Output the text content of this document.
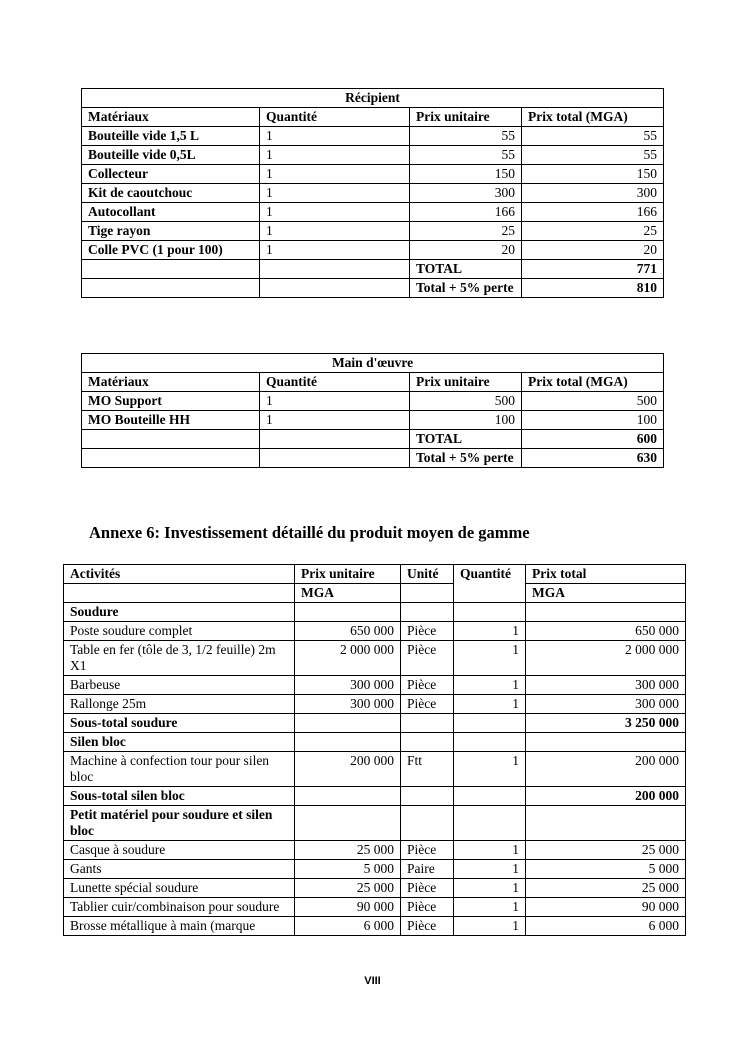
Récipient			
Matériaux	Quantité	Prix unitaire	Prix total (MGA)
Bouteille vide 1,5 L	1	55	55
Bouteille vide 0,5L	1	55	55
Collecteur	1	150	150
Kit de caoutchouc	1	300	300
Autocollant	1	166	166
Tige rayon	1	25	25
Colle PVC (1 pour 100)	1	20	20
		TOTAL	771
		Total + 5% perte	810
Main d'œuvre			
Matériaux	Quantité	Prix unitaire	Prix total (MGA)
MO Support	1	500	500
MO Bouteille HH	1	100	100
		TOTAL	600
		Total + 5% perte	630
Annexe 6: Investissement détaillé du produit moyen de gamme
Activités	Prix unitaire	Unité	Quantité	Prix total
	MGA			MGA
Soudure				
Poste soudure complet	650 000	Pièce	1	650 000
Table en fer (tôle de 3, 1/2 feuille) 2m X1	2 000 000	Pièce	1	2 000 000
Barbeuse	300 000	Pièce	1	300 000
Rallonge 25m	300 000	Pièce	1	300 000
Sous-total soudure				3 250 000
Silen bloc				
Machine à confection tour pour silen bloc	200 000	Ftt	1	200 000
Sous-total silen bloc				200 000
Petit matériel pour soudure et silen bloc				
Casque à soudure	25 000	Pièce	1	25 000
Gants	5 000	Paire	1	5 000
Lunette spécial soudure	25 000	Pièce	1	25 000
Tablier cuir/combinaison pour soudure	90 000	Pièce	1	90 000
Brosse métallique à main (marque	6 000	Pièce	1	6 000
VIII
